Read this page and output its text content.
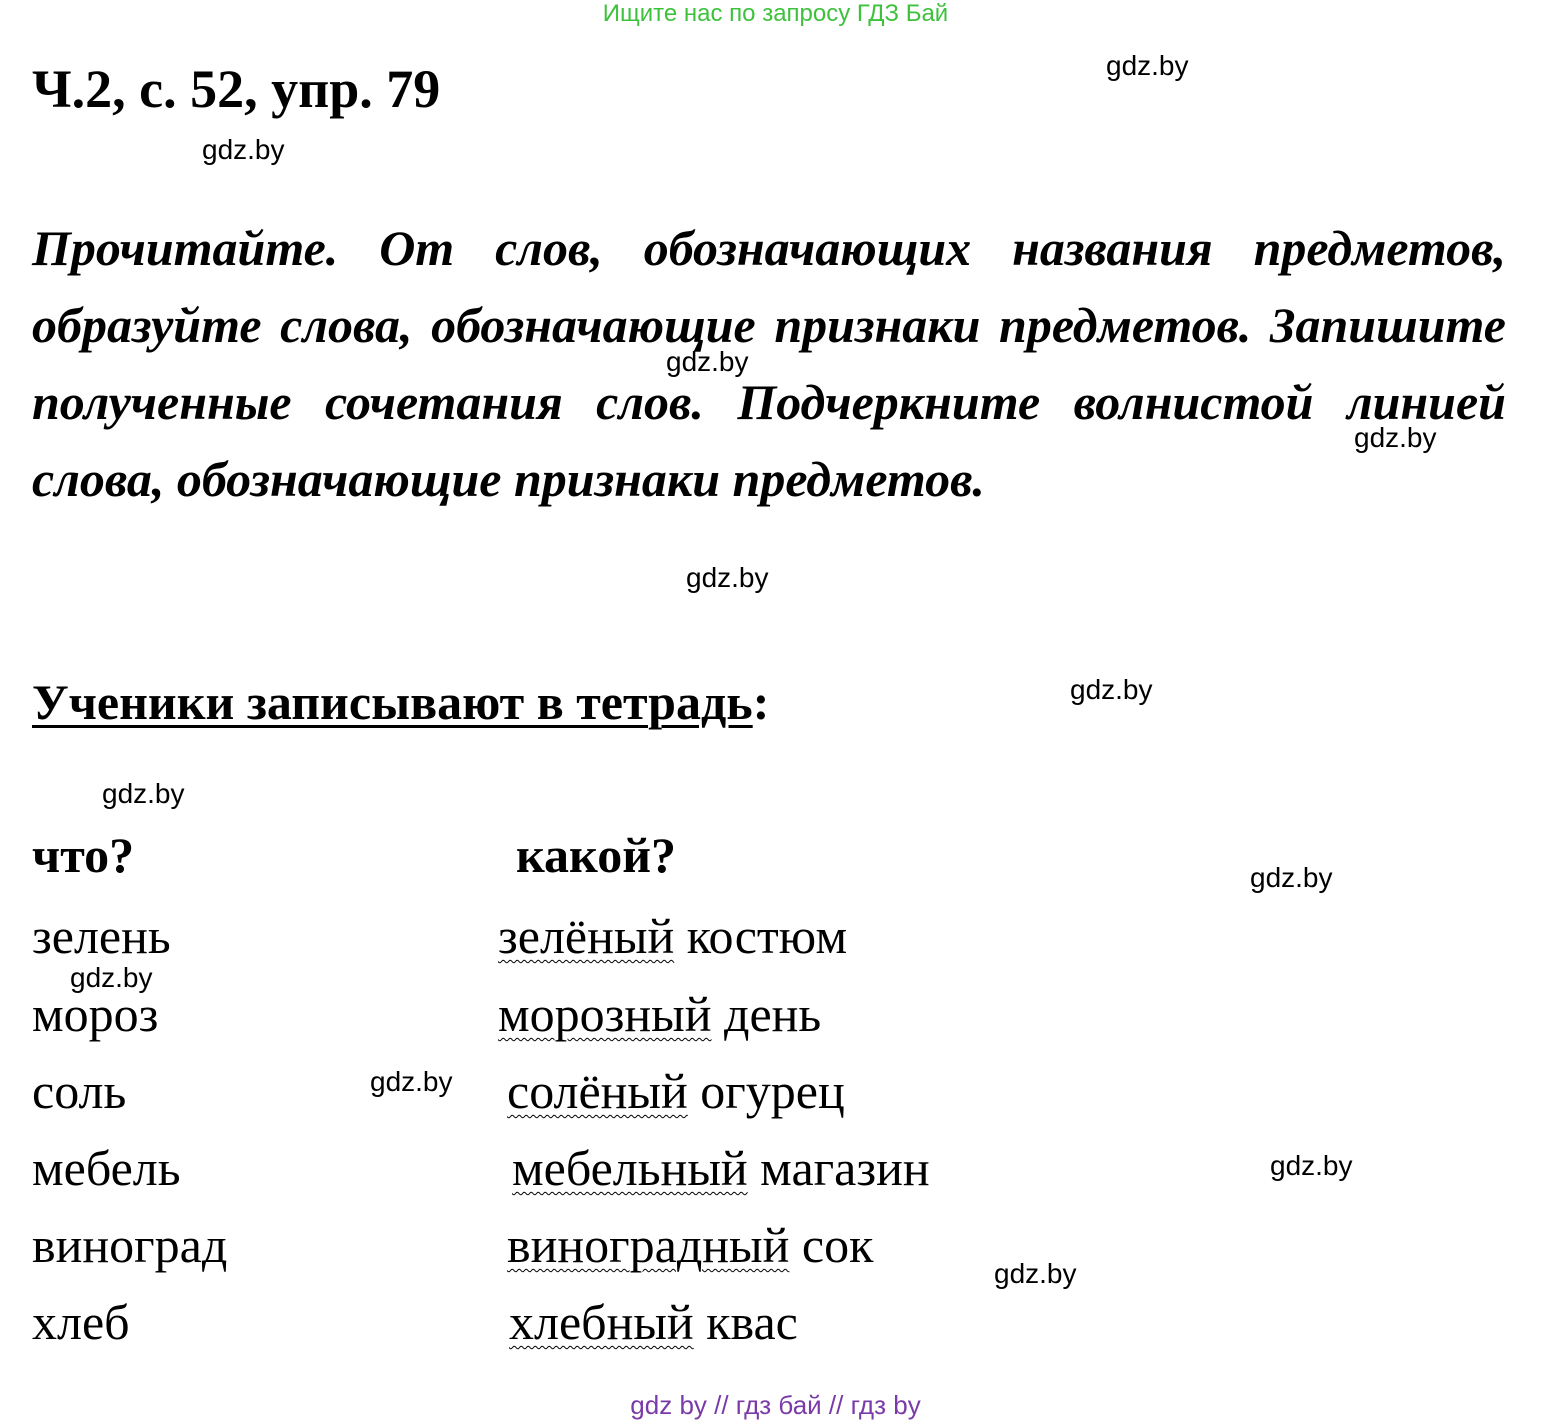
Ищите нас по запросу ГДЗ Бай
Ч.2, с. 52, упр. 79
Прочитайте. От слов, обозначающих названия предметов, образуйте слова, обозначающие признаки предметов. Запишите полученные сочетания слов. Подчеркните волнистой линией слова, обозначающие признаки предметов.
Ученики записывают в тетрадь:
что?	какой?
зелень	зелёный костюм
мороз	морозный день
соль	солёный огурец
мебель	мебельный магазин
виноград	виноградный сок
хлеб	хлебный квас
gdz.by
gdz.by
gdz.by
gdz.by
gdz.by
gdz.by
gdz.by
gdz.by
gdz.by
gdz.by
gdz.by
gdz.by
gdz by // гдз бай // гдз by
